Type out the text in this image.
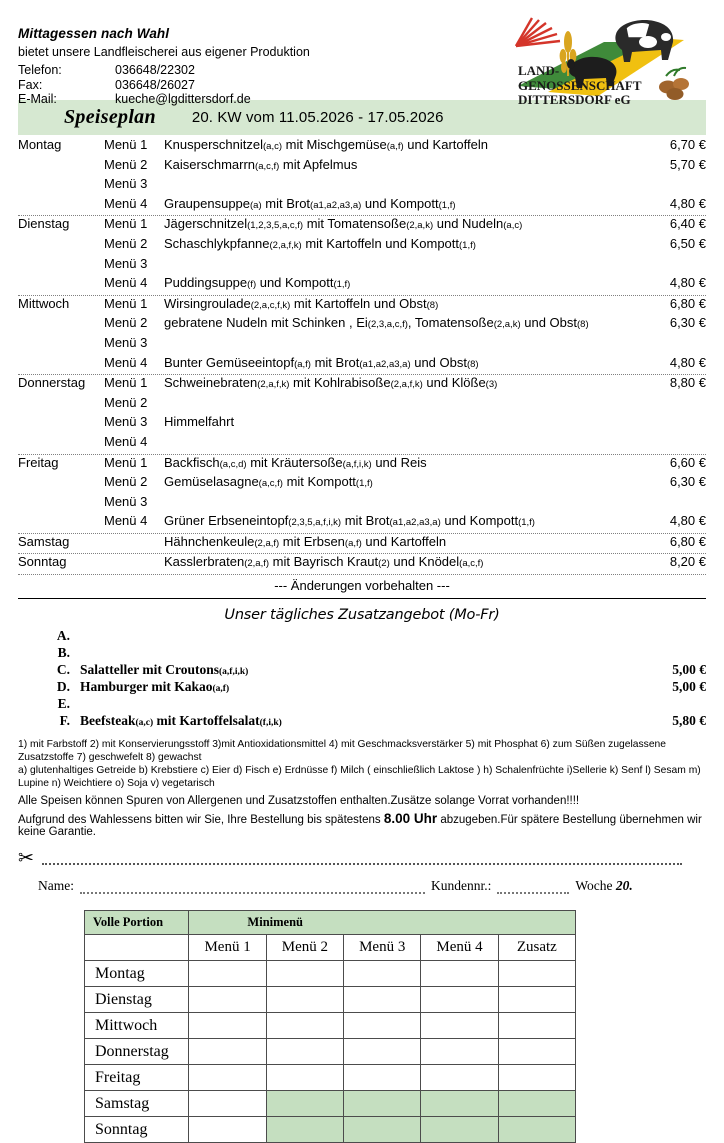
Mittagessen nach Wahl
bietet unsere Landfleischerei aus eigener Produktion
Telefon:	036648/22302
Fax:	036648/26027
E-Mail:	kueche@lgdittersdorf.de
LAND-
GENOSSENSCHAFT
DITTERSDORF eG
Speiseplan 20. KW vom 11.05.2026 - 17.05.2026
Montag	Menü 1	Knusperschnitzel(a,c) mit Mischgemüse(a,f) und Kartoffeln	6,70 €
Menü 2	Kaiserschmarrn(a,c,f) mit Apfelmus	5,70 €
Menü 3
Menü 4	Graupensuppe(a) mit Brot(a1,a2,a3,a) und Kompott(1,f)	4,80 €
Dienstag	Menü 1	Jägerschnitzel(1,2,3,5,a,c,f) mit Tomatensoße(2,a,k) und Nudeln(a,c)	6,40 €
Menü 2	Schaschlykpfanne(2,a,f,k) mit Kartoffeln und Kompott(1,f)	6,50 €
Menü 3
Menü 4	Puddingsuppe(f) und Kompott(1,f)	4,80 €
Mittwoch	Menü 1	Wirsingroulade(2,a,c,f,k) mit Kartoffeln und Obst(8)	6,80 €
Menü 2	gebratene Nudeln mit Schinken , Ei(2,3,a,c,f), Tomatensoße(2,a,k) und Obst(8)	6,30 €
Menü 3
Menü 4	Bunter Gemüseeintopf(a,f) mit Brot(a1,a2,a3,a) und Obst(8)	4,80 €
Donnerstag	Menü 1	Schweinebraten(2,a,f,k) mit Kohlrabisoße(2,a,f,k) und Klöße(3)	8,80 €
Menü 2
Menü 3	Himmelfahrt
Menü 4
Freitag	Menü 1	Backfisch(a,c,d) mit Kräutersoße(a,f,i,k) und Reis	6,60 €
Menü 2	Gemüselasagne(a,c,f) mit Kompott(1,f)	6,30 €
Menü 3
Menü 4	Grüner Erbseneintopf(2,3,5,a,f,i,k) mit Brot(a1,a2,a3,a) und Kompott(1,f)	4,80 €
Samstag	Hähnchenkeule(2,a,f) mit Erbsen(a,f) und Kartoffeln	6,80 €
Sonntag	Kasslerbraten(2,a,f) mit Bayrisch Kraut(2) und Knödel(a,c,f)	8,20 €
--- Änderungen vorbehalten ---
Unser tägliches Zusatzangebot (Mo-Fr)
A.
B.
C. Salatteller mit Croutons(a,f,i,k)	5,00 €
D. Hamburger mit Kakao(a,f)	5,00 €
E.
F. Beefsteak(a,c) mit Kartoffelsalat(f,i,k)	5,80 €
1) mit Farbstoff 2) mit Konservierungsstoff 3)mit Antioxidationsmittel 4) mit Geschmacksverstärker 5) mit Phosphat 6) zum Süßen zugelassene Zusatzstoffe 7) geschwefelt 8) gewachst
a) glutenhaltiges Getreide b) Krebstiere c) Eier d) Fisch e) Erdnüsse f) Milch ( einschließlich Laktose ) h) Schalenfrüchte i)Sellerie k) Senf l) Sesam m) Lupine n) Weichtiere o) Soja v) vegetarisch
Alle Speisen können Spuren von Allergenen und Zusatzstoffen enthalten.Zusätze solange Vorrat vorhanden!!!!
Aufgrund des Wahlessens bitten wir Sie, Ihre Bestellung bis spätestens 8.00 Uhr abzugeben.Für spätere Bestellung übernehmen wir keine Garantie.
✂
Name:	Kundennr.:	Woche 20.
Volle Portion	Minimenü				
	Menü 1	Menü 2	Menü 3	Menü 4	Zusatz
Montag					
Dienstag					
Mittwoch					
Donnerstag					
Freitag					
Samstag					
Sonntag					
